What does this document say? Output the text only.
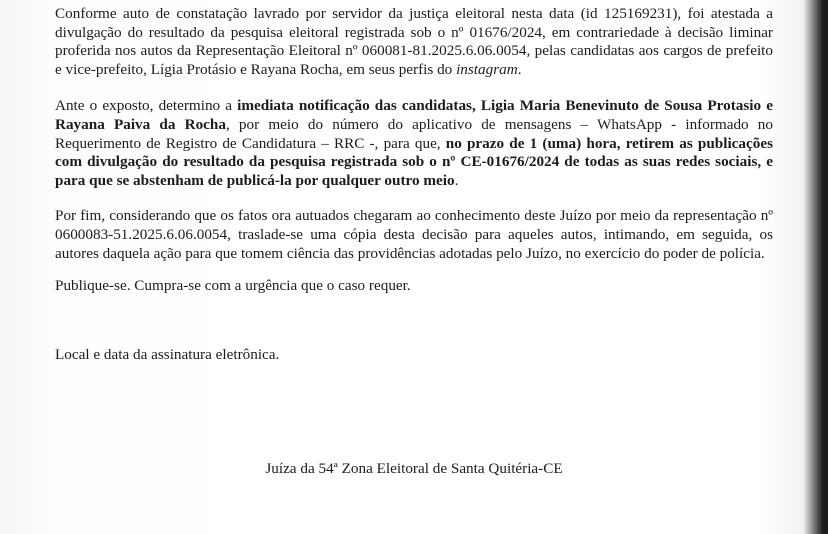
Conforme auto de constatação lavrado por servidor da justiça eleitoral nesta data (id 125169231), foi atestada a divulgação do resultado da pesquisa eleitoral registrada sob o nº 01676/2024, em contrariedade à decisão liminar proferida nos autos da Representação Eleitoral nº 060081-81.2025.6.06.0054, pelas candidatas aos cargos de prefeito e vice-prefeito, Lígia Protásio e Rayana Rocha, em seus perfis do instagram.

Ante o exposto, determino a imediata notificação das candidatas, Ligia Maria Benevinuto de Sousa Protasio e Rayana Paiva da Rocha, por meio do número do aplicativo de mensagens – WhatsApp - informado no Requerimento de Registro de Candidatura – RRC -, para que, no prazo de 1 (uma) hora, retirem as publicações com divulgação do resultado da pesquisa registrada sob o nº CE-01676/2024 de todas as suas redes sociais, e para que se abstenham de publicá-la por qualquer outro meio.

Por fim, considerando que os fatos ora autuados chegaram ao conhecimento deste Juízo por meio da representação nº 0600083-51.2025.6.06.0054, traslade-se uma cópia desta decisão para aqueles autos, intimando, em seguida, os autores daquela ação para que tomem ciência das providências adotadas pelo Juízo, no exercício do poder de polícia.

Publique-se. Cumpra-se com a urgência que o caso requer.

Local e data da assinatura eletrônica.

Juíza da 54ª Zona Eleitoral de Santa Quitéria-CE
